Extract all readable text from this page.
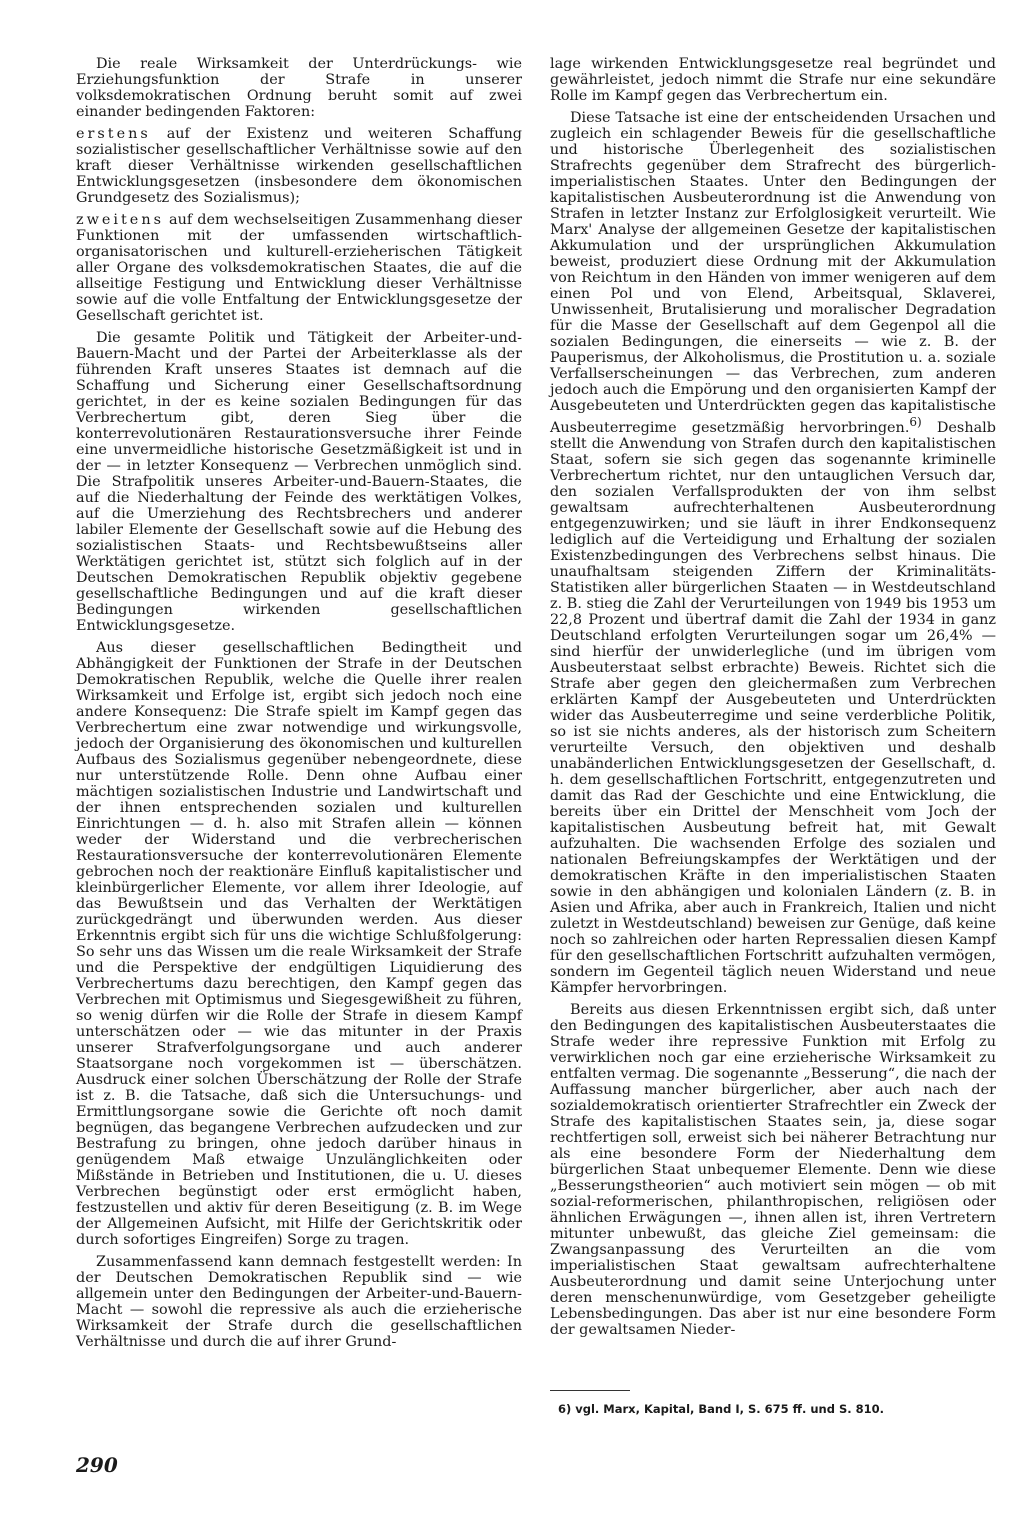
Die reale Wirksamkeit der Unterdrückungs- wie Erziehungsfunktion der Strafe in unserer volksdemokratischen Ordnung beruht somit auf zwei einander bedingenden Faktoren:

erstens auf der Existenz und weiteren Schaffung sozialistischer gesellschaftlicher Verhältnisse sowie auf den kraft dieser Verhältnisse wirkenden gesellschaftlichen Entwicklungsgesetzen (insbesondere dem ökonomischen Grundgesetz des Sozialismus);

zweitens auf dem wechselseitigen Zusammenhang dieser Funktionen mit der umfassenden wirtschaftlich-organisatorischen und kulturell-erzieherischen Tätigkeit aller Organe des volksdemokratischen Staates, die auf die allseitige Festigung und Entwicklung dieser Verhältnisse sowie auf die volle Entfaltung der Entwicklungsgesetze der Gesellschaft gerichtet ist.

Die gesamte Politik und Tätigkeit der Arbeiter-und-Bauern-Macht und der Partei der Arbeiterklasse als der führenden Kraft unseres Staates ist demnach auf die Schaffung und Sicherung einer Gesellschaftsordnung gerichtet, in der es keine sozialen Bedingungen für das Verbrechertum gibt, deren Sieg über die konterrevolutionären Restaurationsversuche ihrer Feinde eine unvermeidliche historische Gesetzmäßigkeit ist und in der — in letzter Konsequenz — Verbrechen unmöglich sind. Die Strafpolitik unseres Arbeiter-und-Bauern-Staates, die auf die Niederhaltung der Feinde des werktätigen Volkes, auf die Umerziehung des Rechtsbrechers und anderer labiler Elemente der Gesellschaft sowie auf die Hebung des sozialistischen Staats- und Rechtsbewußtseins aller Werktätigen gerichtet ist, stützt sich folglich auf in der Deutschen Demokratischen Republik objektiv gegebene gesellschaftliche Bedingungen und auf die kraft dieser Bedingungen wirkenden gesellschaftlichen Entwicklungsgesetze.

Aus dieser gesellschaftlichen Bedingtheit und Abhängigkeit der Funktionen der Strafe in der Deutschen Demokratischen Republik, welche die Quelle ihrer realen Wirksamkeit und Erfolge ist, ergibt sich jedoch noch eine andere Konsequenz: Die Strafe spielt im Kampf gegen das Verbrechertum eine zwar notwendige und wirkungsvolle, jedoch der Organisierung des ökonomischen und kulturellen Aufbaus des Sozialismus gegenüber nebengeordnete, diese nur unterstützende Rolle. Denn ohne Aufbau einer mächtigen sozialistischen Industrie und Landwirtschaft und der ihnen entsprechenden sozialen und kulturellen Einrichtungen — d. h. also mit Strafen allein — können weder der Widerstand und die verbrecherischen Restaurationsversuche der konterrevolutionären Elemente gebrochen noch der reaktionäre Einfluß kapitalistischer und kleinbürgerlicher Elemente, vor allem ihrer Ideologie, auf das Bewußtsein und das Verhalten der Werktätigen zurückgedrängt und überwunden werden. Aus dieser Erkenntnis ergibt sich für uns die wichtige Schlußfolgerung: So sehr uns das Wissen um die reale Wirksamkeit der Strafe und die Perspektive der endgültigen Liquidierung des Verbrechertums dazu berechtigen, den Kampf gegen das Verbrechen mit Optimismus und Siegesgewißheit zu führen, so wenig dürfen wir die Rolle der Strafe in diesem Kampf unterschätzen oder — wie das mitunter in der Praxis unserer Strafverfolgungsorgane und auch anderer Staatsorgane noch vorgekommen ist — überschätzen. Ausdruck einer solchen Überschätzung der Rolle der Strafe ist z. B. die Tatsache, daß sich die Untersuchungs- und Ermittlungsorgane sowie die Gerichte oft noch damit begnügen, das begangene Verbrechen aufzudecken und zur Bestrafung zu bringen, ohne jedoch darüber hinaus in genügendem Maß etwaige Unzulänglichkeiten oder Mißstände in Betrieben und Institutionen, die u. U. dieses Verbrechen begünstigt oder erst ermöglicht haben, festzustellen und aktiv für deren Beseitigung (z. B. im Wege der Allgemeinen Aufsicht, mit Hilfe der Gerichtskritik oder durch sofortiges Eingreifen) Sorge zu tragen.

Zusammenfassend kann demnach festgestellt werden: In der Deutschen Demokratischen Republik sind — wie allgemein unter den Bedingungen der Arbeiter-und-Bauern-Macht — sowohl die repressive als auch die erzieherische Wirksamkeit der Strafe durch die gesellschaftlichen Verhältnisse und durch die auf ihrer Grund-

lage wirkenden Entwicklungsgesetze real begründet und gewährleistet, jedoch nimmt die Strafe nur eine sekundäre Rolle im Kampf gegen das Verbrechertum ein.

Diese Tatsache ist eine der entscheidenden Ursachen und zugleich ein schlagender Beweis für die gesellschaftliche und historische Überlegenheit des sozialistischen Strafrechts gegenüber dem Strafrecht des bürgerlich-imperialistischen Staates. Unter den Bedingungen der kapitalistischen Ausbeuterordnung ist die Anwendung von Strafen in letzter Instanz zur Erfolglosigkeit verurteilt. Wie Marx' Analyse der allgemeinen Gesetze der kapitalistischen Akkumulation und der ursprünglichen Akkumulation beweist, produziert diese Ordnung mit der Akkumulation von Reichtum in den Händen von immer wenigeren auf dem einen Pol und von Elend, Arbeitsqual, Sklaverei, Unwissenheit, Brutalisierung und moralischer Degradation für die Masse der Gesellschaft auf dem Gegenpol all die sozialen Bedingungen, die einerseits — wie z. B. der Pauperismus, der Alkoholismus, die Prostitution u. a. soziale Verfallserscheinungen — das Verbrechen, zum anderen jedoch auch die Empörung und den organisierten Kampf der Ausgebeuteten und Unterdrückten gegen das kapitalistische Ausbeuterregime gesetzmäßig hervorbringen.$^{6)}$ Deshalb stellt die Anwendung von Strafen durch den kapitalistischen Staat, sofern sie sich gegen das sogenannte kriminelle Verbrechertum richtet, nur den untauglichen Versuch dar, den sozialen Verfallsprodukten der von ihm selbst gewaltsam aufrechterhaltenen Ausbeuterordnung entgegenzuwirken; und sie läuft in ihrer Endkonsequenz lediglich auf die Verteidigung und Erhaltung der sozialen Existenzbedingungen des Verbrechens selbst hinaus. Die unaufhaltsam steigenden Ziffern der Kriminalitäts-Statistiken aller bürgerlichen Staaten — in Westdeutschland z. B. stieg die Zahl der Verurteilungen von 1949 bis 1953 um 22,8 Prozent und übertraf damit die Zahl der 1934 in ganz Deutschland erfolgten Verurteilungen sogar um 26,4% — sind hierfür der unwiderlegliche (und im übrigen vom Ausbeuterstaat selbst erbrachte) Beweis. Richtet sich die Strafe aber gegen den gleichermaßen zum Verbrechen erklärten Kampf der Ausgebeuteten und Unterdrückten wider das Ausbeuterregime und seine verderbliche Politik, so ist sie nichts anderes, als der historisch zum Scheitern verurteilte Versuch, den objektiven und deshalb unabänderlichen Entwicklungsgesetzen der Gesellschaft, d. h. dem gesellschaftlichen Fortschritt, entgegenzutreten und damit das Rad der Geschichte und eine Entwicklung, die bereits über ein Drittel der Menschheit vom Joch der kapitalistischen Ausbeutung befreit hat, mit Gewalt aufzuhalten. Die wachsenden Erfolge des sozialen und nationalen Befreiungskampfes der Werktätigen und der demokratischen Kräfte in den imperialistischen Staaten sowie in den abhängigen und kolonialen Ländern (z. B. in Asien und Afrika, aber auch in Frankreich, Italien und nicht zuletzt in Westdeutschland) beweisen zur Genüge, daß keine noch so zahlreichen oder harten Repressalien diesen Kampf für den gesellschaftlichen Fortschritt aufzuhalten vermögen, sondern im Gegenteil täglich neuen Widerstand und neue Kämpfer hervorbringen.

Bereits aus diesen Erkenntnissen ergibt sich, daß unter den Bedingungen des kapitalistischen Ausbeuterstaates die Strafe weder ihre repressive Funktion mit Erfolg zu verwirklichen noch gar eine erzieherische Wirksamkeit zu entfalten vermag. Die sogenannte „Besserung“, die nach der Auffassung mancher bürgerlicher, aber auch nach der sozialdemokratisch orientierter Strafrechtler ein Zweck der Strafe des kapitalistischen Staates sein, ja, diese sogar rechtfertigen soll, erweist sich bei näherer Betrachtung nur als eine besondere Form der Niederhaltung dem bürgerlichen Staat unbequemer Elemente. Denn wie diese „Besserungstheorien“ auch motiviert sein mögen — ob mit sozial-reformerischen, philanthropischen, religiösen oder ähnlichen Erwägungen —, ihnen allen ist, ihren Vertretern mitunter unbewußt, das gleiche Ziel gemeinsam: die Zwangsanpassung des Verurteilten an die vom imperialistischen Staat gewaltsam aufrechterhaltene Ausbeuterordnung und damit seine Unterjochung unter deren menschenunwürdige, vom Gesetzgeber geheiligte Lebensbedingungen. Das aber ist nur eine besondere Form der gewaltsamen Nieder-

6) vgl. Marx, Kapital, Band I, S. 675 ff. und S. 810.
290
